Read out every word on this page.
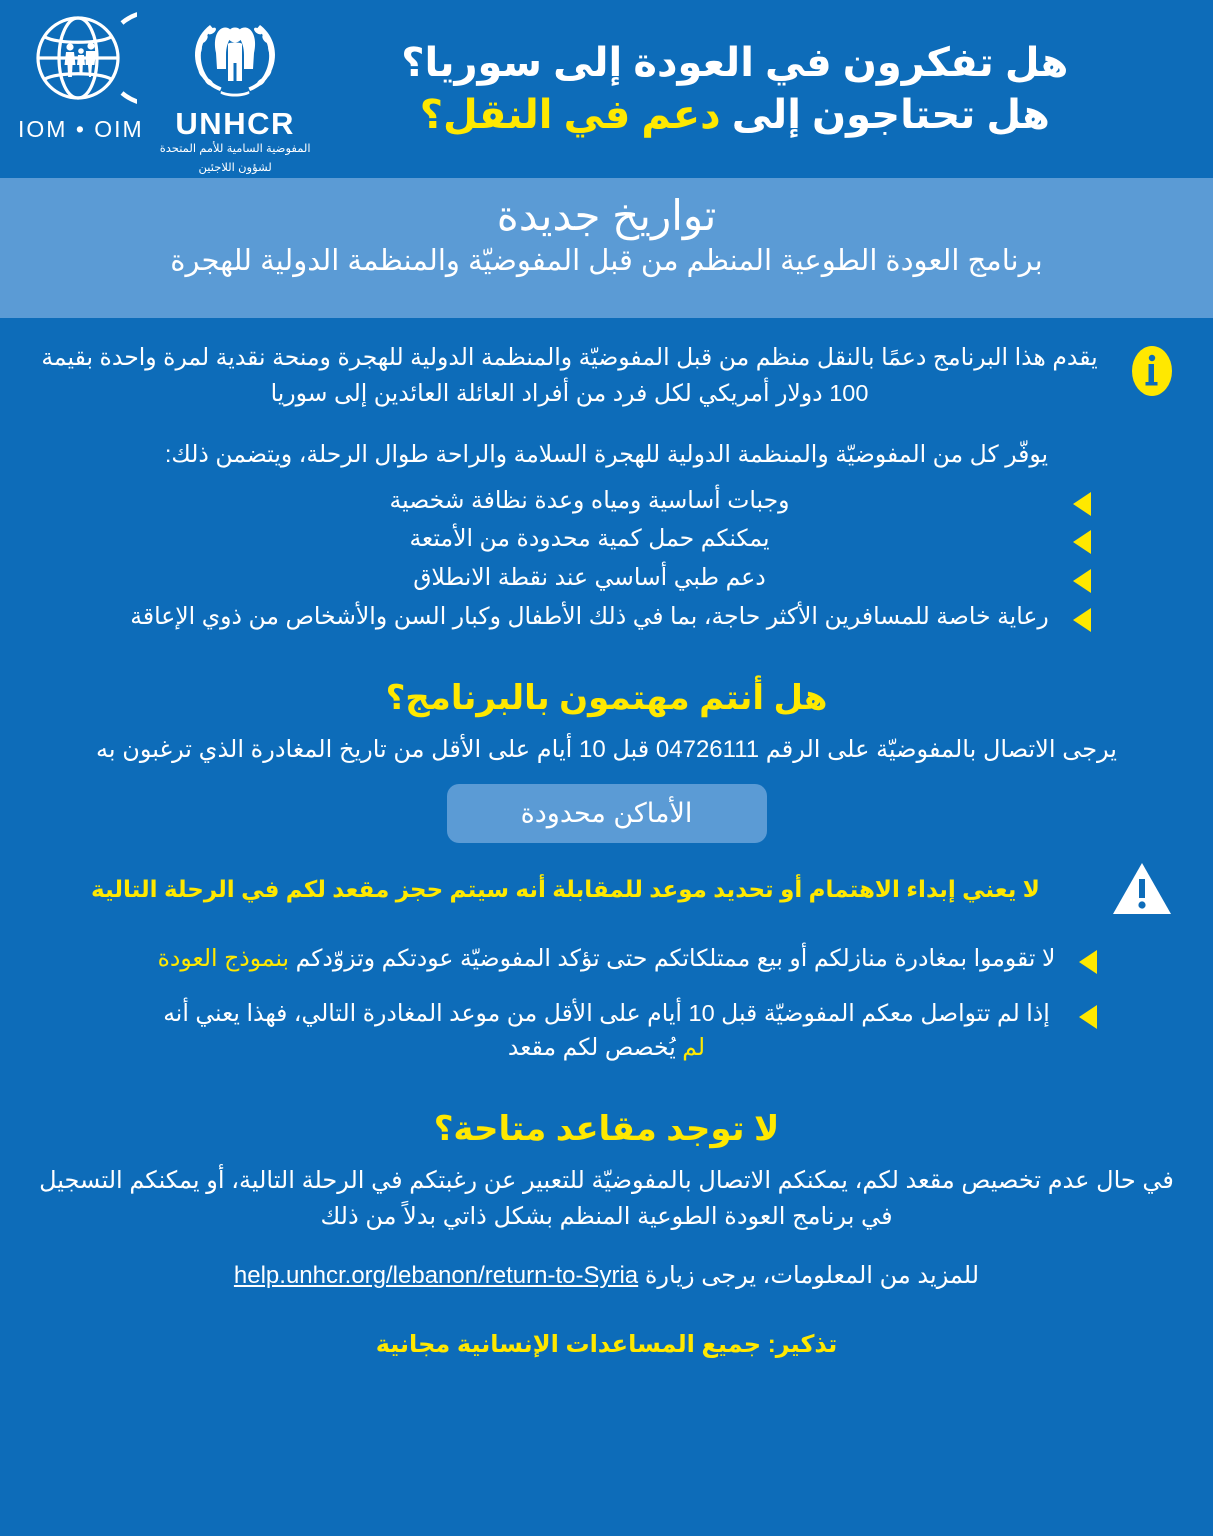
هل تفكرون في العودة إلى سوريا؟
هل تحتاجون إلى دعم في النقل؟
UNHCR
المفوضية السامية للأمم المتحدة
لشؤون اللاجئين
IOM • OIM
تواريخ جديدة
برنامج العودة الطوعية المنظم من قبل المفوضيّة والمنظمة الدولية للهجرة
يقدم هذا البرنامج دعمًا بالنقل منظم من قبل المفوضيّة والمنظمة الدولية للهجرة ومنحة نقدية لمرة واحدة بقيمة 100 دولار أمريكي لكل فرد من أفراد العائلة العائدين إلى سوريا
يوفّر كل من المفوضيّة والمنظمة الدولية للهجرة السلامة والراحة طوال الرحلة، ويتضمن ذلك:
وجبات أساسية ومياه وعدة نظافة شخصية
يمكنكم حمل كمية محدودة من الأمتعة
دعم طبي أساسي عند نقطة الانطلاق
رعاية خاصة للمسافرين الأكثر حاجة، بما في ذلك الأطفال وكبار السن والأشخاص من ذوي الإعاقة
هل أنتم مهتمون بالبرنامج؟
يرجى الاتصال بالمفوضيّة على الرقم 04726111 قبل 10 أيام على الأقل من تاريخ المغادرة الذي ترغبون به
الأماكن محدودة
لا يعني إبداء الاهتمام أو تحديد موعد للمقابلة أنه سيتم حجز مقعد لكم في الرحلة التالية
لا تقوموا بمغادرة منازلكم أو بيع ممتلكاتكم حتى تؤكد المفوضيّة عودتكم وتزوّدكم بنموذج العودة
إذا لم تتواصل معكم المفوضيّة قبل 10 أيام على الأقل من موعد المغادرة التالي، فهذا يعني أنه لم يُخصص لكم مقعد
لا توجد مقاعد متاحة؟
في حال عدم تخصيص مقعد لكم، يمكنكم الاتصال بالمفوضيّة للتعبير عن رغبتكم في الرحلة التالية، أو يمكنكم التسجيل في برنامج العودة الطوعية المنظم بشكل ذاتي بدلاً من ذلك
للمزيد من المعلومات، يرجى زيارة help.unhcr.org/lebanon/return-to-Syria
تذكير: جميع المساعدات الإنسانية مجانية
